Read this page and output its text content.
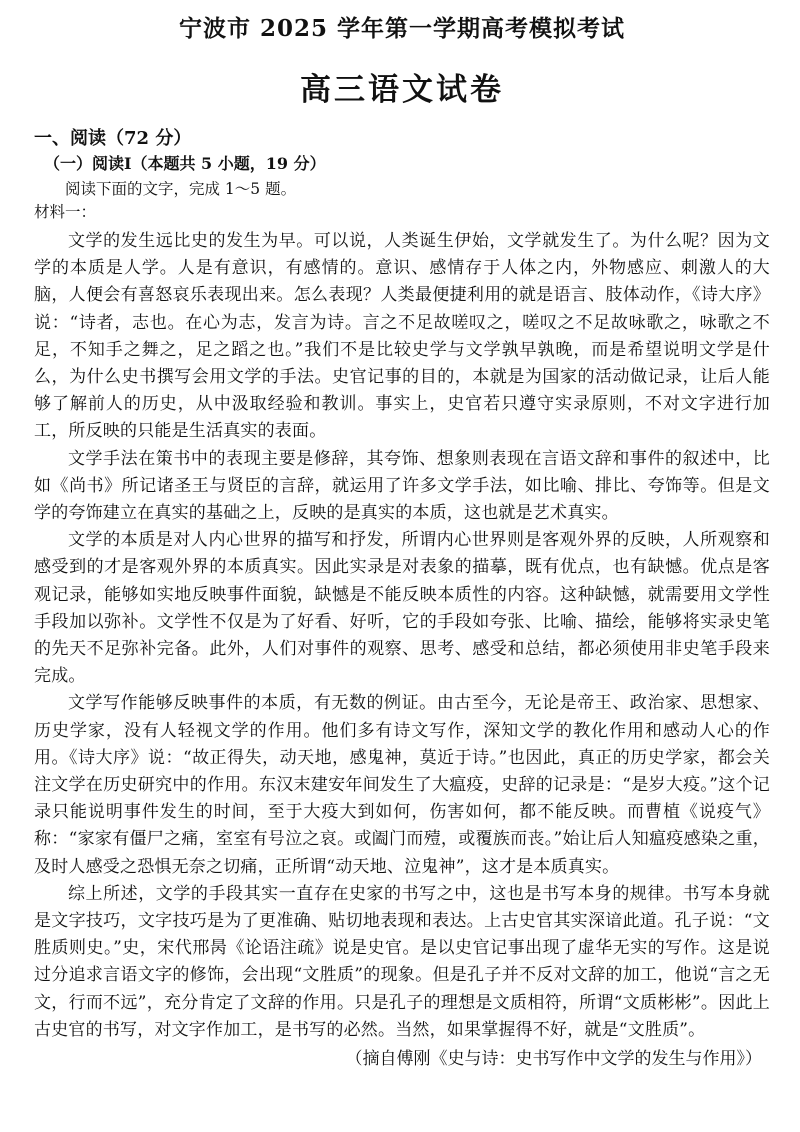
宁波市 2025 学年第一学期高考模拟考试
高三语文试卷
一、阅读（72 分）
（一）阅读Ⅰ（本题共 5 小题，19 分）
阅读下面的文字，完成 1～5 题。
材料一：

文学的发生远比史的发生为早。可以说，人类诞生伊始，文学就发生了。为什么呢？因为文学的本质是人学。人是有意识，有感情的。意识、感情存于人体之内，外物感应、刺激人的大脑，人便会有喜怒哀乐表现出来。怎么表现？人类最便捷利用的就是语言、肢体动作，《诗大序》说：“诗者，志也。在心为志，发言为诗。言之不足故嗟叹之，嗟叹之不足故咏歌之，咏歌之不足，不知手之舞之，足之蹈之也。”我们不是比较史学与文学孰早孰晚，而是希望说明文学是什么，为什么史书撰写会用文学的手法。史官记事的目的，本就是为国家的活动做记录，让后人能够了解前人的历史，从中汲取经验和教训。事实上，史官若只遵守实录原则，不对文字进行加工，所反映的只能是生活真实的表面。

文学手法在策书中的表现主要是修辞，其夸饰、想象则表现在言语文辞和事件的叙述中，比如《尚书》所记诸圣王与贤臣的言辞，就运用了许多文学手法，如比喻、排比、夸饰等。但是文学的夸饰建立在真实的基础之上，反映的是真实的本质，这也就是艺术真实。

文学的本质是对人内心世界的描写和抒发，所谓内心世界则是客观外界的反映，人所观察和感受到的才是客观外界的本质真实。因此实录是对表象的描摹，既有优点，也有缺憾。优点是客观记录，能够如实地反映事件面貌，缺憾是不能反映本质性的内容。这种缺憾，就需要用文学性手段加以弥补。文学性不仅是为了好看、好听，它的手段如夸张、比喻、描绘，能够将实录史笔的先天不足弥补完备。此外，人们对事件的观察、思考、感受和总结，都必须使用非史笔手段来完成。

文学写作能够反映事件的本质，有无数的例证。由古至今，无论是帝王、政治家、思想家、历史学家，没有人轻视文学的作用。他们多有诗文写作，深知文学的教化作用和感动人心的作用。《诗大序》说：“故正得失，动天地，感鬼神，莫近于诗。”也因此，真正的历史学家，都会关注文学在历史研究中的作用。东汉末建安年间发生了大瘟疫，史辞的记录是：“是岁大疫。”这个记录只能说明事件发生的时间，至于大疫大到如何，伤害如何，都不能反映。而曹植《说疫气》称：“家家有僵尸之痛，室室有号泣之哀。或阖门而殪，或覆族而丧。”始让后人知瘟疫感染之重，及时人感受之恐惧无奈之切痛，正所谓“动天地、泣鬼神”，这才是本质真实。

综上所述，文学的手段其实一直存在史家的书写之中，这也是书写本身的规律。书写本身就是文字技巧，文字技巧是为了更准确、贴切地表现和表达。上古史官其实深谙此道。孔子说：“文胜质则史。”史，宋代邢昺《论语注疏》说是史官。是以史官记事出现了虚华无实的写作。这是说过分追求言语文字的修饰，会出现“文胜质”的现象。但是孔子并不反对文辞的加工，他说“言之无文，行而不远”，充分肯定了文辞的作用。只是孔子的理想是文质相符，所谓“文质彬彬”。因此上古史官的书写，对文字作加工，是书写的必然。当然，如果掌握得不好，就是“文胜质”。

（摘自傅刚《史与诗：史书写作中文学的发生与作用》）
